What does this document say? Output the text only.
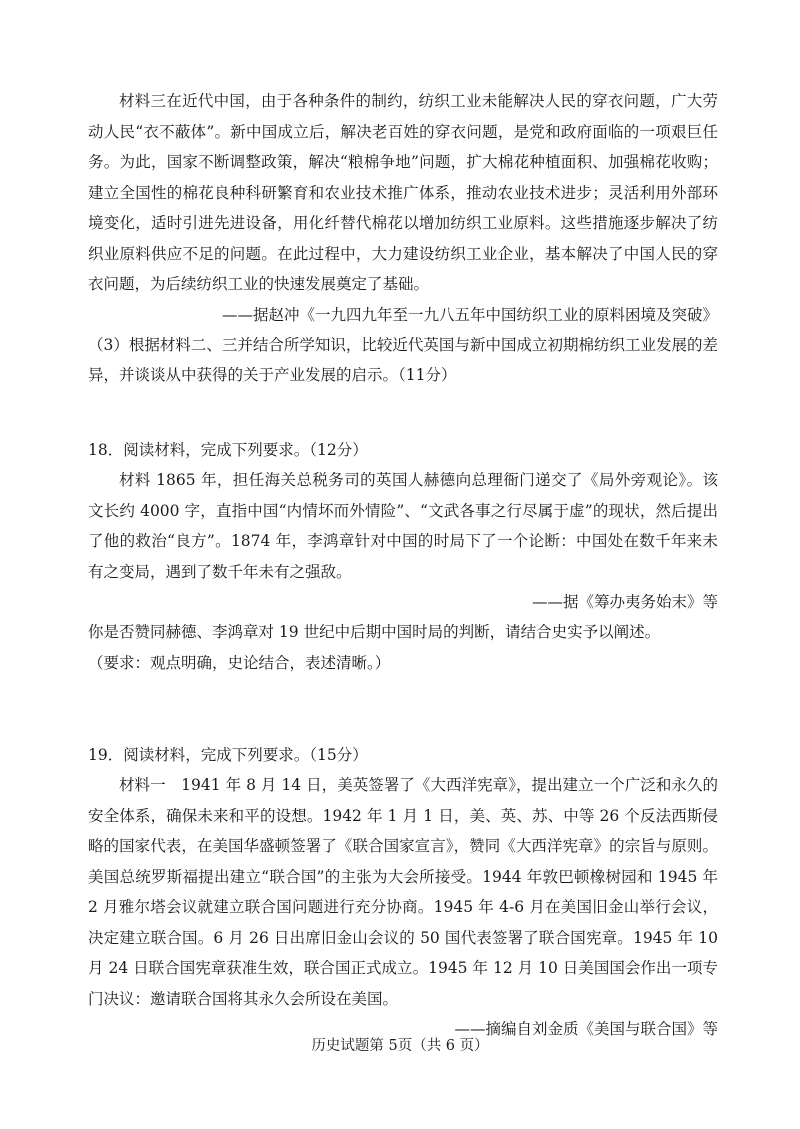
材料三在近代中国，由于各种条件的制约，纺织工业未能解决人民的穿衣问题，广大劳动人民“衣不蔽体”。新中国成立后，解决老百姓的穿衣问题，是党和政府面临的一项艰巨任务。为此，国家不断调整政策，解决“粮棉争地”问题，扩大棉花种植面积、加强棉花收购；建立全国性的棉花良种科研繁育和农业技术推广体系，推动农业技术进步；灵活利用外部环境变化，适时引进先进设备，用化纤替代棉花以增加纺织工业原料。这些措施逐步解决了纺织业原料供应不足的问题。在此过程中，大力建设纺织工业企业，基本解决了中国人民的穿衣问题，为后续纺织工业的快速发展奠定了基础。

——据赵冲《一九四九年至一九八五年中国纺织工业的原料困境及突破》

（3）根据材料二、三并结合所学知识，比较近代英国与新中国成立初期棉纺织工业发展的差异，并谈谈从中获得的关于产业发展的启示。（11分）

18．阅读材料，完成下列要求。（12分）

材料 1865 年，担任海关总税务司的英国人赫德向总理衙门递交了《局外旁观论》。该文长约 4000 字，直指中国“内情坏而外情险”、“文武各事之行尽属于虚”的现状，然后提出了他的救治“良方”。1874 年，李鸿章针对中国的时局下了一个论断：中国处在数千年来未有之变局，遇到了数千年未有之强敌。

——据《筹办夷务始末》等

你是否赞同赫德、李鸿章对 19 世纪中后期中国时局的判断，请结合史实予以阐述。

（要求：观点明确，史论结合，表述清晰。）

19．阅读材料，完成下列要求。（15分）

材料一　1941 年 8 月 14 日，美英签署了《大西洋宪章》，提出建立一个广泛和永久的安全体系，确保未来和平的设想。1942 年 1 月 1 日，美、英、苏、中等 26 个反法西斯侵略的国家代表，在美国华盛顿签署了《联合国家宣言》，赞同《大西洋宪章》的宗旨与原则。美国总统罗斯福提出建立“联合国”的主张为大会所接受。1944 年敦巴顿橡树园和 1945 年 2 月雅尔塔会议就建立联合国问题进行充分协商。1945 年 4-6 月在美国旧金山举行会议，决定建立联合国。6 月 26 日出席旧金山会议的 50 国代表签署了联合国宪章。1945 年 10 月 24 日联合国宪章获准生效，联合国正式成立。1945 年 12 月 10 日美国国会作出一项专门决议：邀请联合国将其永久会所设在美国。

——摘编自刘金质《美国与联合国》等

历史试题第 5页（共 6 页）
